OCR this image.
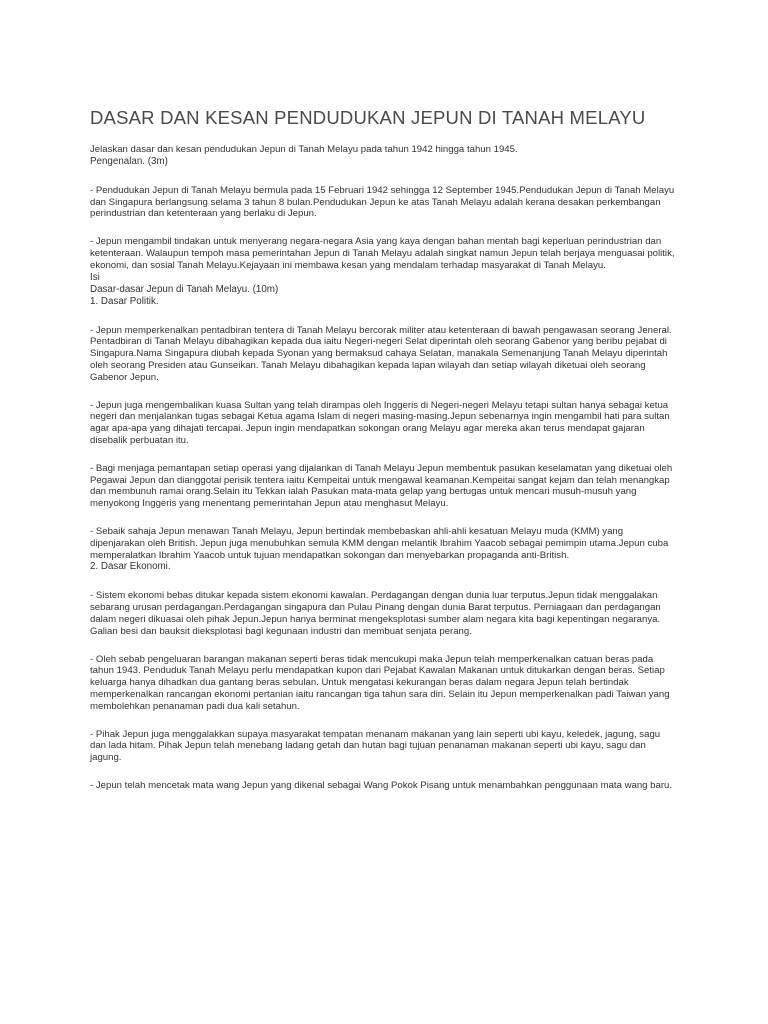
DASAR DAN KESAN PENDUDUKAN JEPUN DI TANAH MELAYU

Jelaskan dasar dan kesan pendudukan Jepun di Tanah Melayu pada tahun 1942 hingga tahun 1945.

Pengenalan. (3m)

- Pendudukan Jepun di Tanah Melayu bermula pada 15 Februari 1942 sehingga 12 September 1945.Pendudukan Jepun di Tanah Melayu dan Singapura berlangsung selama 3 tahun 8 bulan.Pendudukan Jepun ke atas Tanah Melayu adalah kerana desakan perkembangan perindustrian dan ketenteraan yang berlaku di Jepun.

- Jepun mengambil tindakan untuk menyerang negara-negara Asia yang kaya dengan bahan mentah bagi keperluan perindustrian dan ketenteraan. Walaupun tempoh masa pemerintahan Jepun di Tanah Melayu adalah singkat namun Jepun telah berjaya menguasai politik, ekonomi, dan sosial Tanah Melayu.Kejayaan ini membawa kesan yang mendalam terhadap masyarakat di Tanah Melayu.

Isi

Dasar-dasar Jepun di Tanah Melayu. (10m)

1. Dasar Politik.

- Jepun memperkenalkan pentadbiran tentera di Tanah Melayu bercorak militer atau ketenteraan di bawah pengawasan seorang Jeneral. Pentadbiran di Tanah Melayu dibahagikan kepada dua iaitu Negeri-negeri Selat diperintah oleh seorang Gabenor yang beribu pejabat di Singapura.Nama Singapura diubah kepada Syonan yang bermaksud cahaya Selatan, manakala Semenanjung Tanah Melayu diperintah oleh seorang Presiden atau Gunseikan. Tanah Melayu dibahagikan kepada lapan wilayah dan setiap wilayah diketuai oleh seorang Gabenor Jepun.

- Jepun juga mengembalikan kuasa Sultan yang telah dirampas oleh Inggeris di Negeri-negeri Melayu tetapi sultan hanya sebagai ketua negeri dan menjalankan tugas sebagai Ketua agama Islam di negeri masing-masing.Jepun sebenarnya ingin mengambil hati para sultan agar apa-apa yang dihajati tercapai. Jepun ingin mendapatkan sokongan orang Melayu agar mereka akan terus mendapat gajaran disebalik perbuatan itu.

- Bagi menjaga pemantapan setiap operasi yang dijalankan di Tanah Melayu Jepun membentuk pasukan keselamatan yang diketuai oleh Pegawai Jepun dan dianggotai perisik tentera iaitu Kempeitai untuk mengawal keamanan.Kempeitai sangat kejam dan telah menangkap dan membunuh ramai orang.Selain itu Tekkan ialah Pasukan mata-mata gelap yang bertugas untuk mencari musuh-musuh yang menyokong Inggeris yang menentang pemerintahan Jepun atau menghasut Melayu.

- Sebaik sahaja Jepun menawan Tanah Melayu, Jepun bertindak membebaskan ahli-ahli kesatuan Melayu muda (KMM) yang dipenjarakan oleh British. Jepun juga menubuhkan semula KMM dengan melantik Ibrahim Yaacob sebagai pemimpin utama.Jepun cuba memperalatkan Ibrahim Yaacob untuk tujuan mendapatkan sokongan dan menyebarkan propaganda anti-British.

2. Dasar Ekonomi.

- Sistem ekonomi bebas ditukar kepada sistem ekonomi kawalan. Perdagangan dengan dunia luar terputus.Jepun tidak menggalakan sebarang urusan perdagangan.Perdagangan singapura dan Pulau Pinang dengan dunia Barat terputus. Perniagaan dan perdagangan dalam negeri dikuasai oleh pihak Jepun.Jepun hanya berminat mengeksplotasi sumber alam negara kita bagi kepentingan negaranya. Galian besi dan bauksit dieksplotasi bagi kegunaan industri dan membuat senjata perang.

- Oleh sebab pengeluaran barangan makanan seperti beras tidak mencukupi maka Jepun telah memperkenalkan catuan beras pada tahun 1943. Penduduk Tanah Melayu perlu mendapatkan kupon dari Pejabat Kawalan Makanan untuk ditukarkan dengan beras. Setiap keluarga hanya dihadkan dua gantang beras sebulan. Untuk mengatasi kekurangan beras dalam negara Jepun telah bertindak memperkenalkan rancangan ekonomi pertanian iaitu rancangan tiga tahun sara diri. Selain itu Jepun memperkenalkan padi Taiwan yang membolehkan penanaman padi dua kali setahun.

- Pihak Jepun juga menggalakkan supaya masyarakat tempatan menanam makanan yang lain seperti ubi kayu, keledek, jagung, sagu dan lada hitam. Pihak Jepun telah menebang ladang getah dan hutan bagi tujuan penanaman makanan seperti ubi kayu, sagu dan jagung.

- Jepun telah mencetak mata wang Jepun yang dikenal sebagai Wang Pokok Pisang untuk menambahkan penggunaan mata wang baru.
